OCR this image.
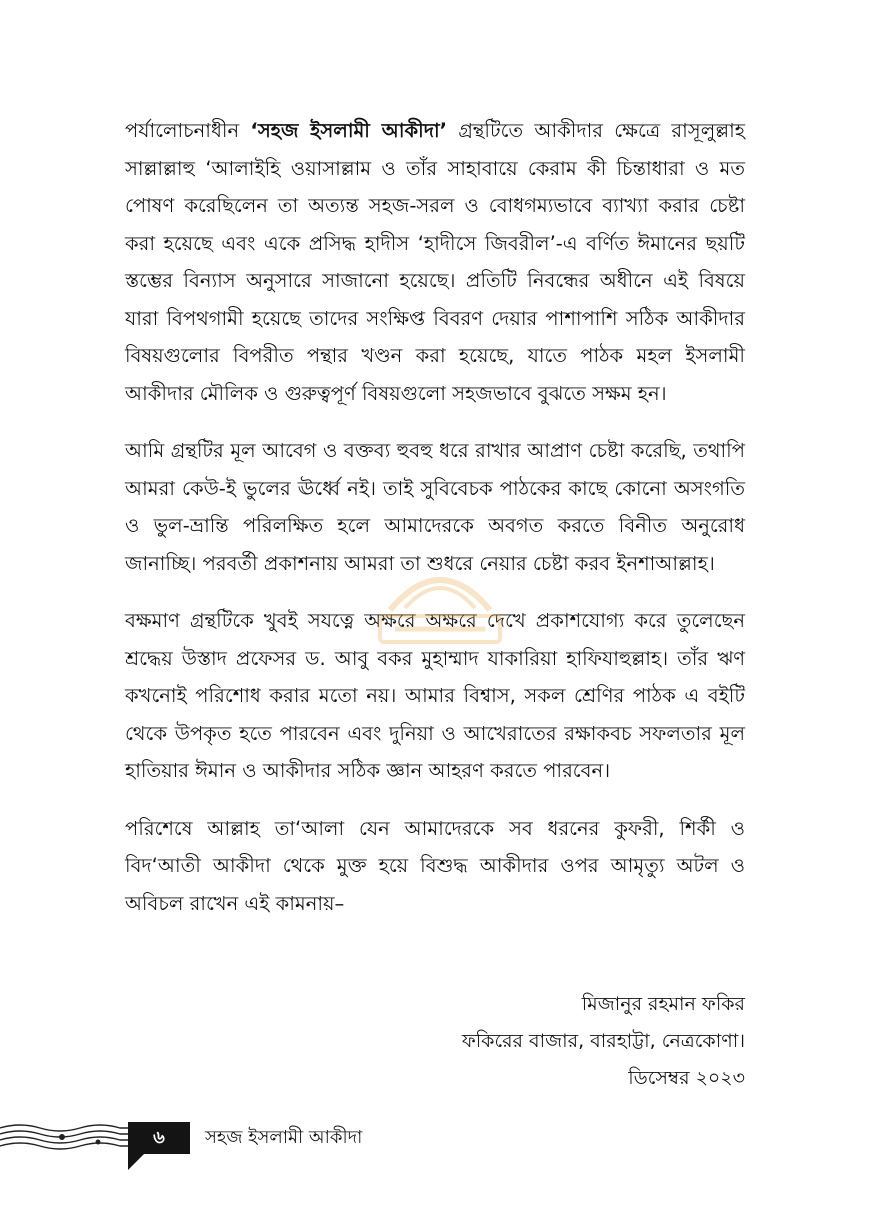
পর্যালোচনাধীন ‘সহজ ইসলামী আকীদা’ গ্রন্থটিতে আকীদার ক্ষেত্রে রাসূলুল্লাহ সাল্লাল্লাহু ‘আলাইহি ওয়াসাল্লাম ও তাঁর সাহাবায়ে কেরাম কী চিন্তাধারা ও মত পোষণ করেছিলেন তা অত্যন্ত সহজ-সরল ও বোধগম্যভাবে ব্যাখ্যা করার চেষ্টা করা হয়েছে এবং একে প্রসিদ্ধ হাদীস ‘হাদীসে জিবরীল’-এ বর্ণিত ঈমানের ছয়টি স্তম্ভের বিন্যাস অনুসারে সাজানো হয়েছে। প্রতিটি নিবন্ধের অধীনে এই বিষয়ে যারা বিপথগামী হয়েছে তাদের সংক্ষিপ্ত বিবরণ দেয়ার পাশাপাশি সঠিক আকীদার বিষয়গুলোর বিপরীত পন্থার খণ্ডন করা হয়েছে, যাতে পাঠক মহল ইসলামী আকীদার মৌলিক ও গুরুত্বপূর্ণ বিষয়গুলো সহজভাবে বুঝতে সক্ষম হন।

আমি গ্রন্থটির মূল আবেগ ও বক্তব্য হুবহু ধরে রাখার আপ্রাণ চেষ্টা করেছি, তথাপি আমরা কেউ-ই ভুলের ঊর্ধ্বে নই। তাই সুবিবেচক পাঠকের কাছে কোনো অসংগতি ও ভুল-ভ্রান্তি পরিলক্ষিত হলে আমাদেরকে অবগত করতে বিনীত অনুরোধ জানাচ্ছি। পরবর্তী প্রকাশনায় আমরা তা শুধরে নেয়ার চেষ্টা করব ইনশাআল্লাহ।

বক্ষমাণ গ্রন্থটিকে খুবই সযত্নে অক্ষরে অক্ষরে দেখে প্রকাশযোগ্য করে তুলেছেন শ্রদ্ধেয় উস্তাদ প্রফেসর ড. আবু বকর মুহাম্মাদ যাকারিয়া হাফিযাহুল্লাহ। তাঁর ঋণ কখনোই পরিশোধ করার মতো নয়। আমার বিশ্বাস, সকল শ্রেণির পাঠক এ বইটি থেকে উপকৃত হতে পারবেন এবং দুনিয়া ও আখেরাতের রক্ষাকবচ সফলতার মূল হাতিয়ার ঈমান ও আকীদার সঠিক জ্ঞান আহরণ করতে পারবেন।

পরিশেষে আল্লাহ তা‘আলা যেন আমাদেরকে সব ধরনের কুফরী, শির্কী ও বিদ‘আতী আকীদা থেকে মুক্ত হয়ে বিশুদ্ধ আকীদার ওপর আমৃত্যু অটল ও অবিচল রাখেন এই কামনায়–

মিজানুর রহমান ফকির
ফকিরের বাজার, বারহাট্টা, নেত্রকোণা।
ডিসেম্বর ২০২৩
৬	সহজ ইসলামী আকীদা
